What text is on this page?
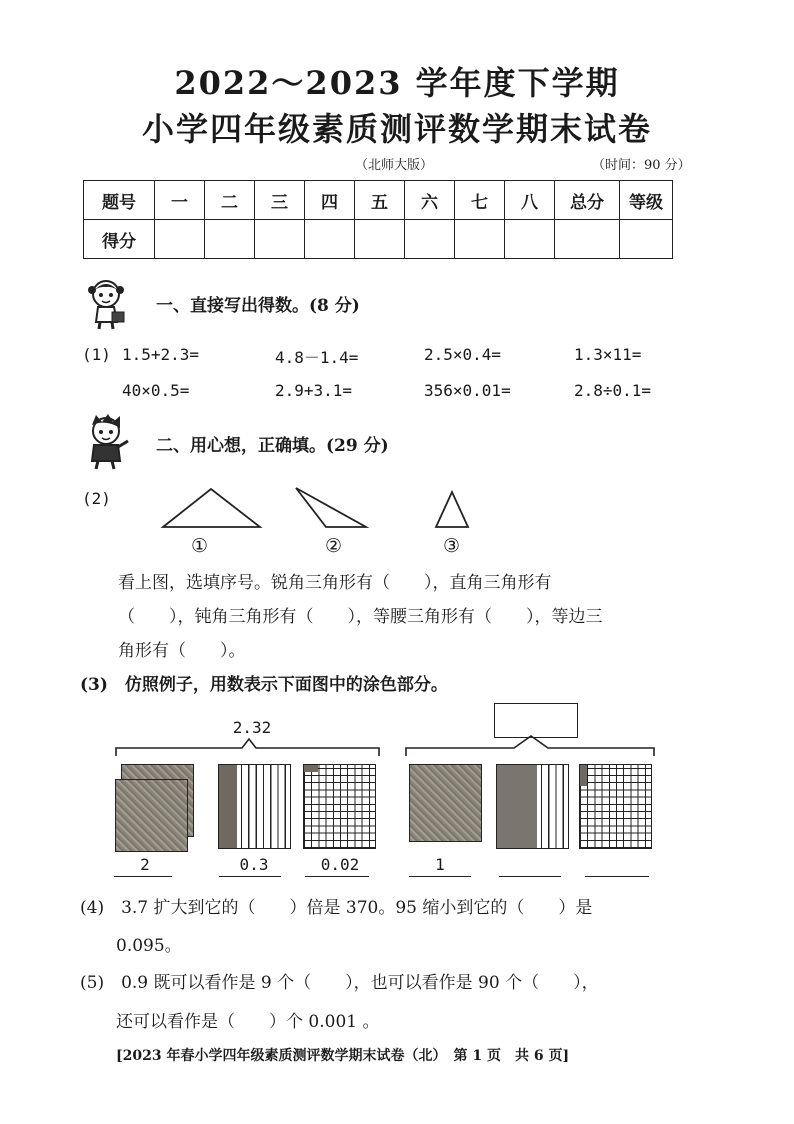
2022～2023 学年度下学期
小学四年级素质测评数学期末试卷
（北师大版）	（时间：90 分）
题号	一	二	三	四	五	六	七	八	总分	等级
得分										
一、直接写出得数。(8 分)
(1) 1.5+2.3=	4.8－1.4=	2.5×0.4=	1.3×11=
40×0.5=	2.9+3.1=	356×0.01=	2.8÷0.1=
二、用心想，正确填。(29 分)
(2)
①	②	③
看上图，选填序号。锐角三角形有（　　），直角三角形有
（　　），钝角三角形有（　　），等腰三角形有（　　），等边三
角形有（　　）。
(3)　仿照例子，用数表示下面图中的涂色部分。
2.32
2	0.3	0.02	1
(4)　3.7 扩大到它的（　　）倍是 370。95 缩小到它的（　　）是
0.095。
(5)　0.9 既可以看作是 9 个（　　），也可以看作是 90 个（　　），
还可以看作是（　　）个 0.001 。
[2023 年春小学四年级素质测评数学期末试卷（北）　第 1 页　共 6 页]
